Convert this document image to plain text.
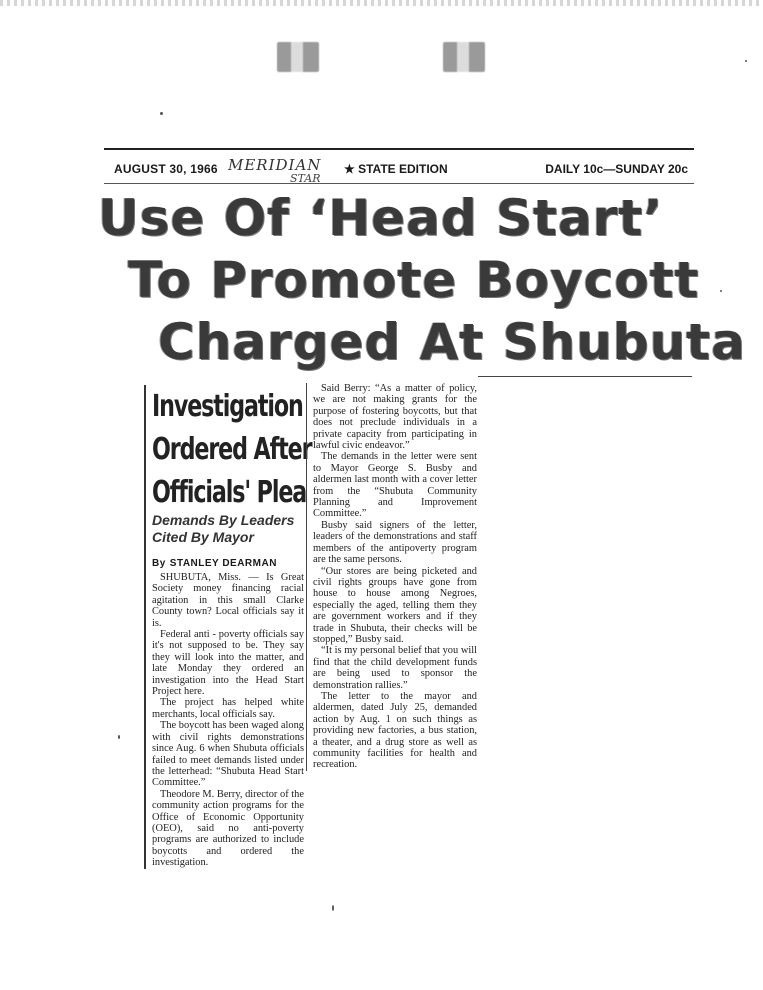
AUGUST 30, 1966 MERIDIAN
STAR
★ STATE EDITION	DAILY 10c—SUNDAY 20c
Use Of ‘Head Start’
To Promote Boycott
Charged At Shubuta
Investigation
Ordered After
Officials' Plea
Demands By Leaders
Cited By Mayor
By STANLEY DEARMAN

SHUBUTA, Miss. — Is Great Society money financing racial agitation in this small Clarke County town? Local officials say it is.

Federal anti - poverty officials say it's not supposed to be. They say they will look into the matter, and late Monday they ordered an investigation into the Head Start Project here.

The project has helped white merchants, local officials say.

The boycott has been waged along with civil rights demonstrations since Aug. 6 when Shubuta officials failed to meet demands listed under the letterhead: “Shubuta Head Start Committee.”

Theodore M. Berry, director of the community action programs for the Office of Economic Opportunity (OEO), said no anti-poverty programs are authorized to include boycotts and ordered the investigation.

Said Berry: “As a matter of policy, we are not making grants for the purpose of fostering boycotts, but that does not preclude individuals in a private capacity from participating in lawful civic endeavor.”

The demands in the letter were sent to Mayor George S. Busby and aldermen last month with a cover letter from the “Shubuta Community Planning and Improvement Committee.”

Busby said signers of the letter, leaders of the demonstrations and staff members of the antipoverty program are the same persons.

“Our stores are being picketed and civil rights groups have gone from house to house among Negroes, especially the aged, telling them they are government workers and if they trade in Shubuta, their checks will be stopped,” Busby said.

“It is my personal belief that you will find that the child development funds are being used to sponsor the demonstration rallies.”

The letter to the mayor and aldermen, dated July 25, demanded action by Aug. 1 on such things as providing new factories, a bus station, a theater, and a drug store as well as community facilities for health and recreation.
